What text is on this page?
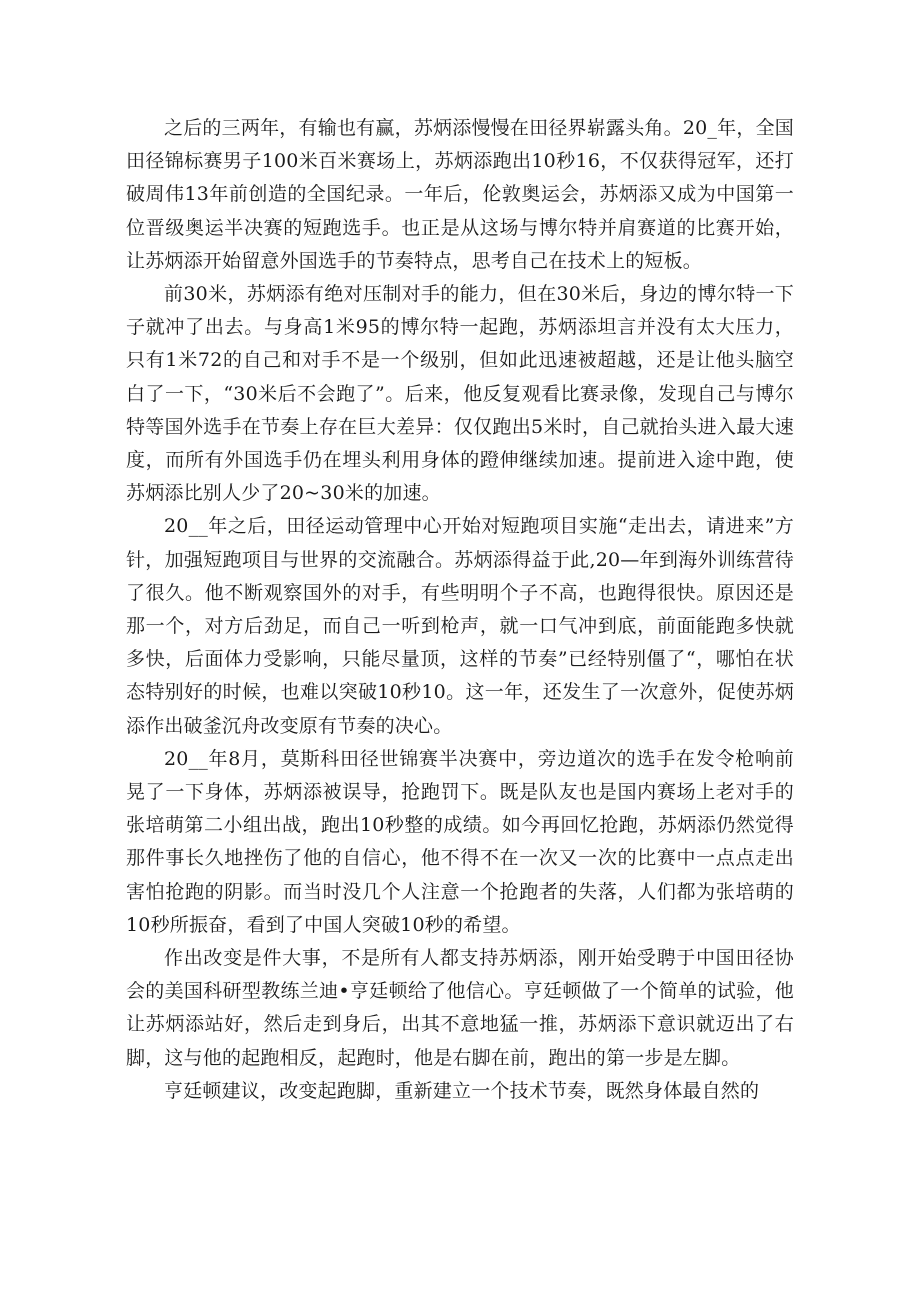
之后的三两年，有输也有赢，苏炳添慢慢在田径界崭露头角。20_年，全国田径锦标赛男子100米百米赛场上，苏炳添跑出10秒16，不仅获得冠军，还打破周伟13年前创造的全国纪录。一年后，伦敦奥运会，苏炳添又成为中国第一位晋级奥运半决赛的短跑选手。也正是从这场与博尔特并肩赛道的比赛开始，让苏炳添开始留意外国选手的节奏特点，思考自己在技术上的短板。

前30米，苏炳添有绝对压制对手的能力，但在30米后，身边的博尔特一下子就冲了出去。与身高1米95的博尔特一起跑，苏炳添坦言并没有太大压力，只有1米72的自己和对手不是一个级别，但如此迅速被超越，还是让他头脑空白了一下，“30米后不会跑了”。后来，他反复观看比赛录像，发现自己与博尔特等国外选手在节奏上存在巨大差异：仅仅跑出5米时，自己就抬头进入最大速度，而所有外国选手仍在埋头利用身体的蹬伸继续加速。提前进入途中跑，使苏炳添比别人少了20~30米的加速。

20__年之后，田径运动管理中心开始对短跑项目实施“走出去，请进来”方针，加强短跑项目与世界的交流融合。苏炳添得益于此,20—年到海外训练营待了很久。他不断观察国外的对手，有些明明个子不高，也跑得很快。原因还是那一个，对方后劲足，而自己一听到枪声，就一口气冲到底，前面能跑多快就多快，后面体力受影响，只能尽量顶，这样的节奏”已经特别僵了“，哪怕在状态特别好的时候，也难以突破10秒10。这一年，还发生了一次意外，促使苏炳添作出破釜沉舟改变原有节奏的决心。

20__年8月，莫斯科田径世锦赛半决赛中，旁边道次的选手在发令枪响前晃了一下身体，苏炳添被误导，抢跑罚下。既是队友也是国内赛场上老对手的张培萌第二小组出战，跑出10秒整的成绩。如今再回忆抢跑，苏炳添仍然觉得那件事长久地挫伤了他的自信心，他不得不在一次又一次的比赛中一点点走出害怕抢跑的阴影。而当时没几个人注意一个抢跑者的失落，人们都为张培萌的10秒所振奋，看到了中国人突破10秒的希望。

作出改变是件大事，不是所有人都支持苏炳添，刚开始受聘于中国田径协会的美国科研型教练兰迪•亨廷顿给了他信心。亨廷顿做了一个简单的试验，他让苏炳添站好，然后走到身后，出其不意地猛一推，苏炳添下意识就迈出了右脚，这与他的起跑相反，起跑时，他是右脚在前，跑出的第一步是左脚。

亨廷顿建议，改变起跑脚，重新建立一个技术节奏，既然身体最自然的
